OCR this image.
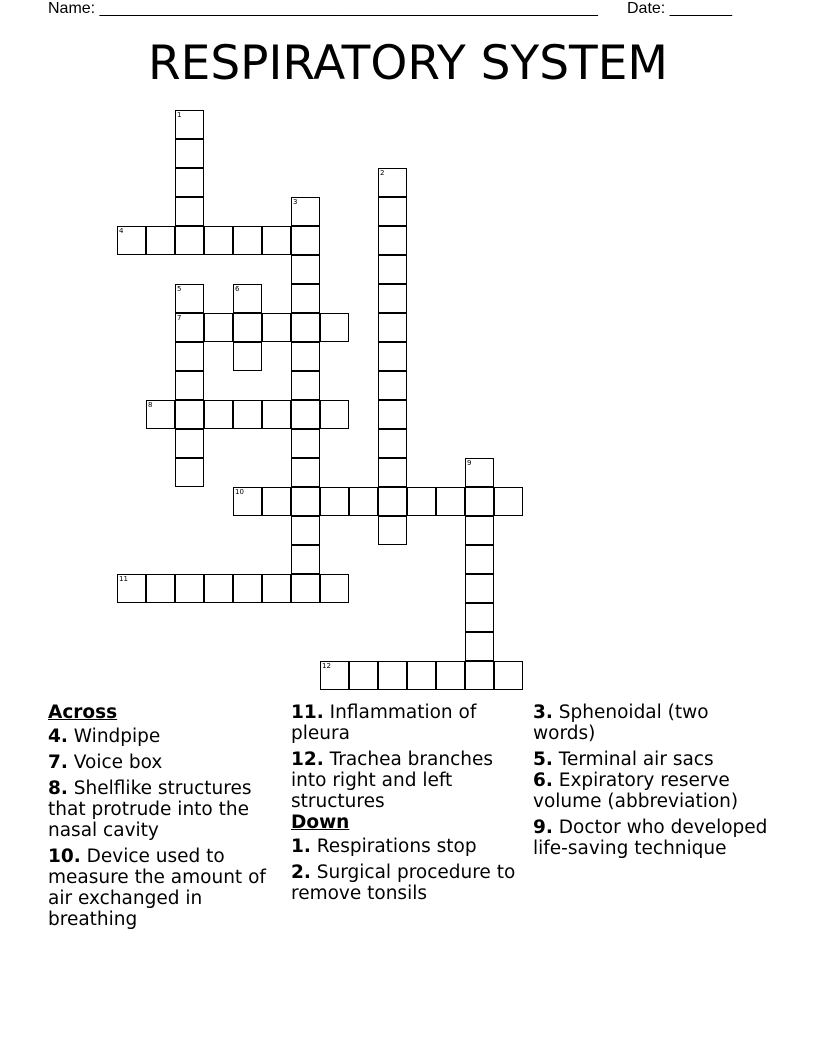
Name: ________________________________________________________ Date: _______
RESPIRATORY SYSTEM
1
2
3
4
5
7
6
8
9
10
11
12
Across
4. Windpipe
7. Voice box
8. Shelflike structures that protrude into the nasal cavity
10. Device used to measure the amount of air exchanged in breathing
11. Inflammation of pleura
12. Trachea branches into right and left structures
Down
1. Respirations stop
2. Surgical procedure to remove tonsils
3. Sphenoidal (two words)
5. Terminal air sacs
6. Expiratory reserve volume (abbreviation)
9. Doctor who developed life-saving technique
